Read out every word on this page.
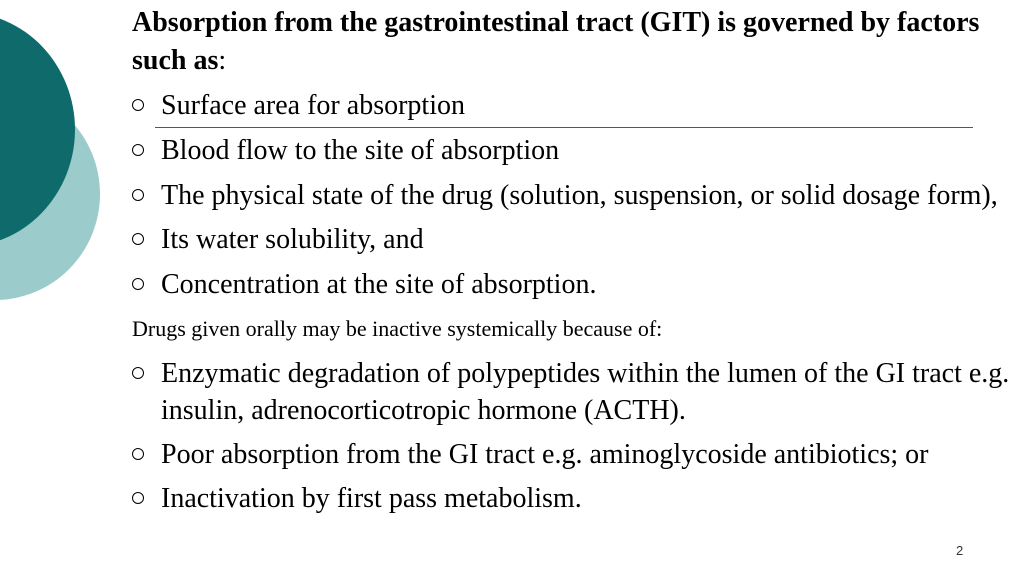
Absorption from the gastrointestinal tract (GIT) is governed by factors such as:

Surface area for absorption
Blood flow to the site of absorption
The physical state of the drug (solution, suspension, or solid dosage form),
Its water solubility, and
Concentration at the site of absorption.
Drugs given orally may be inactive systemically because of:
Enzymatic degradation of polypeptides within the lumen of the GI tract e.g. insulin, adrenocorticotropic hormone (ACTH).
Poor absorption from the GI tract e.g. aminoglycoside antibiotics; or
Inactivation by first pass metabolism.
2
